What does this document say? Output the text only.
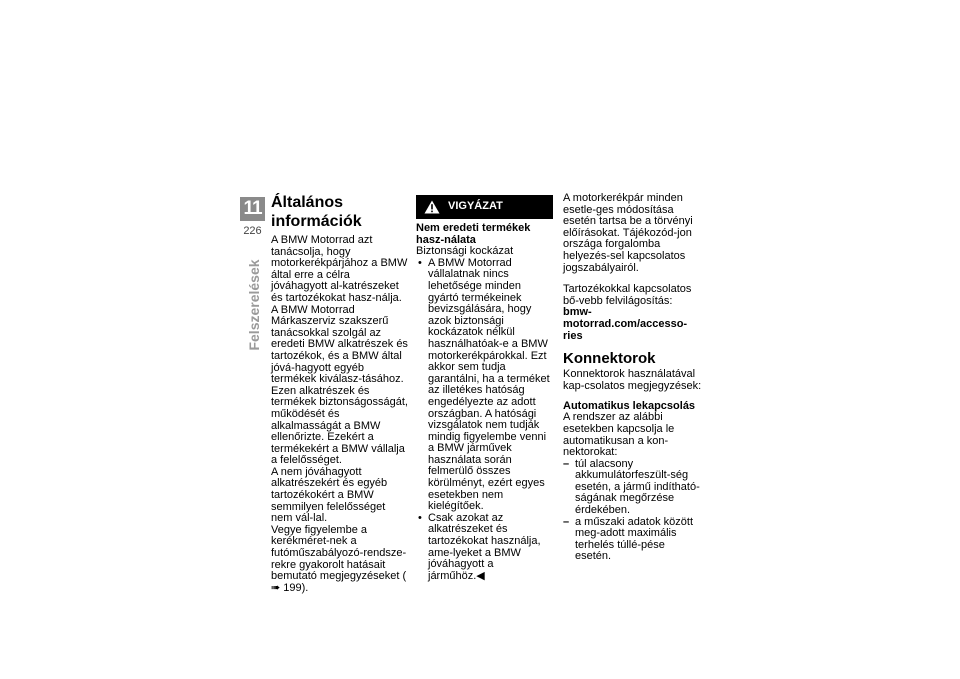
11
226
Felszerelések
Általános információk

A BMW Motorrad azt tanácsolja, hogy motorkerékpárjához a BMW által erre a célra jóváhagyott al-katrészeket és tartozékokat hasz-nálja.

A BMW Motorrad Márkaszerviz szakszerű tanácsokkal szolgál az eredeti BMW alkatrészek és tartozékok, és a BMW által jóvá-hagyott egyéb termékek kiválasz-tásához.

Ezen alkatrészek és termékek biztonságosságát, működését és alkalmasságát a BMW ellenőrizte. Ezekért a termékekért a BMW vállalja a felelősséget.

A nem jóváhagyott alkatrészekért és egyéb tartozékokért a BMW semmilyen felelősséget nem vál-lal.

Vegye figyelembe a kerékméret-nek a futóműszabályozó-rendsze-rekre gyakorolt hatásait bemutató megjegyzéseket (➠ 199).

VIGYÁZAT

Nem eredeti termékek hasz-nálata

Biztonsági kockázat

• A BMW Motorrad vállalatnak nincs lehetősége minden gyártó termékeinek bevizsgálására, hogy azok biztonsági kockázatok nélkül használhatóak-e a BMW motorkerékpárokkal. Ezt akkor sem tudja garantálni, ha a terméket az illetékes hatóság engedélyezte az adott országban. A hatósági vizsgálatok nem tudják mindig figyelembe venni a BMW járművek használata során felmerülő összes körülményt, ezért egyes esetekben nem kielégítőek.
• Csak azokat az alkatrészeket és tartozékokat használja, ame-lyeket a BMW jóváhagyott a járműhöz.◀

A motorkerékpár minden esetle-ges módosítása esetén tartsa be a törvényi előírásokat. Tájékozód-jon országa forgalomba helyezés-sel kapcsolatos jogszabályairól.

Tartozékokkal kapcsolatos bő-vebb felvilágosítás:

bmw-motorrad.com/accesso-ries

Konnektorok

Konnektorok használatával kap-csolatos megjegyzések:

Automatikus lekapcsolás

A rendszer az alábbi esetekben kapcsolja le automatikusan a kon-nektorokat:

– túl alacsony akkumulátorfeszült-ség esetén, a jármű indítható-ságának megőrzése érdekében.
– a műszaki adatok között meg-adott maximális terhelés túllé-pése esetén.
